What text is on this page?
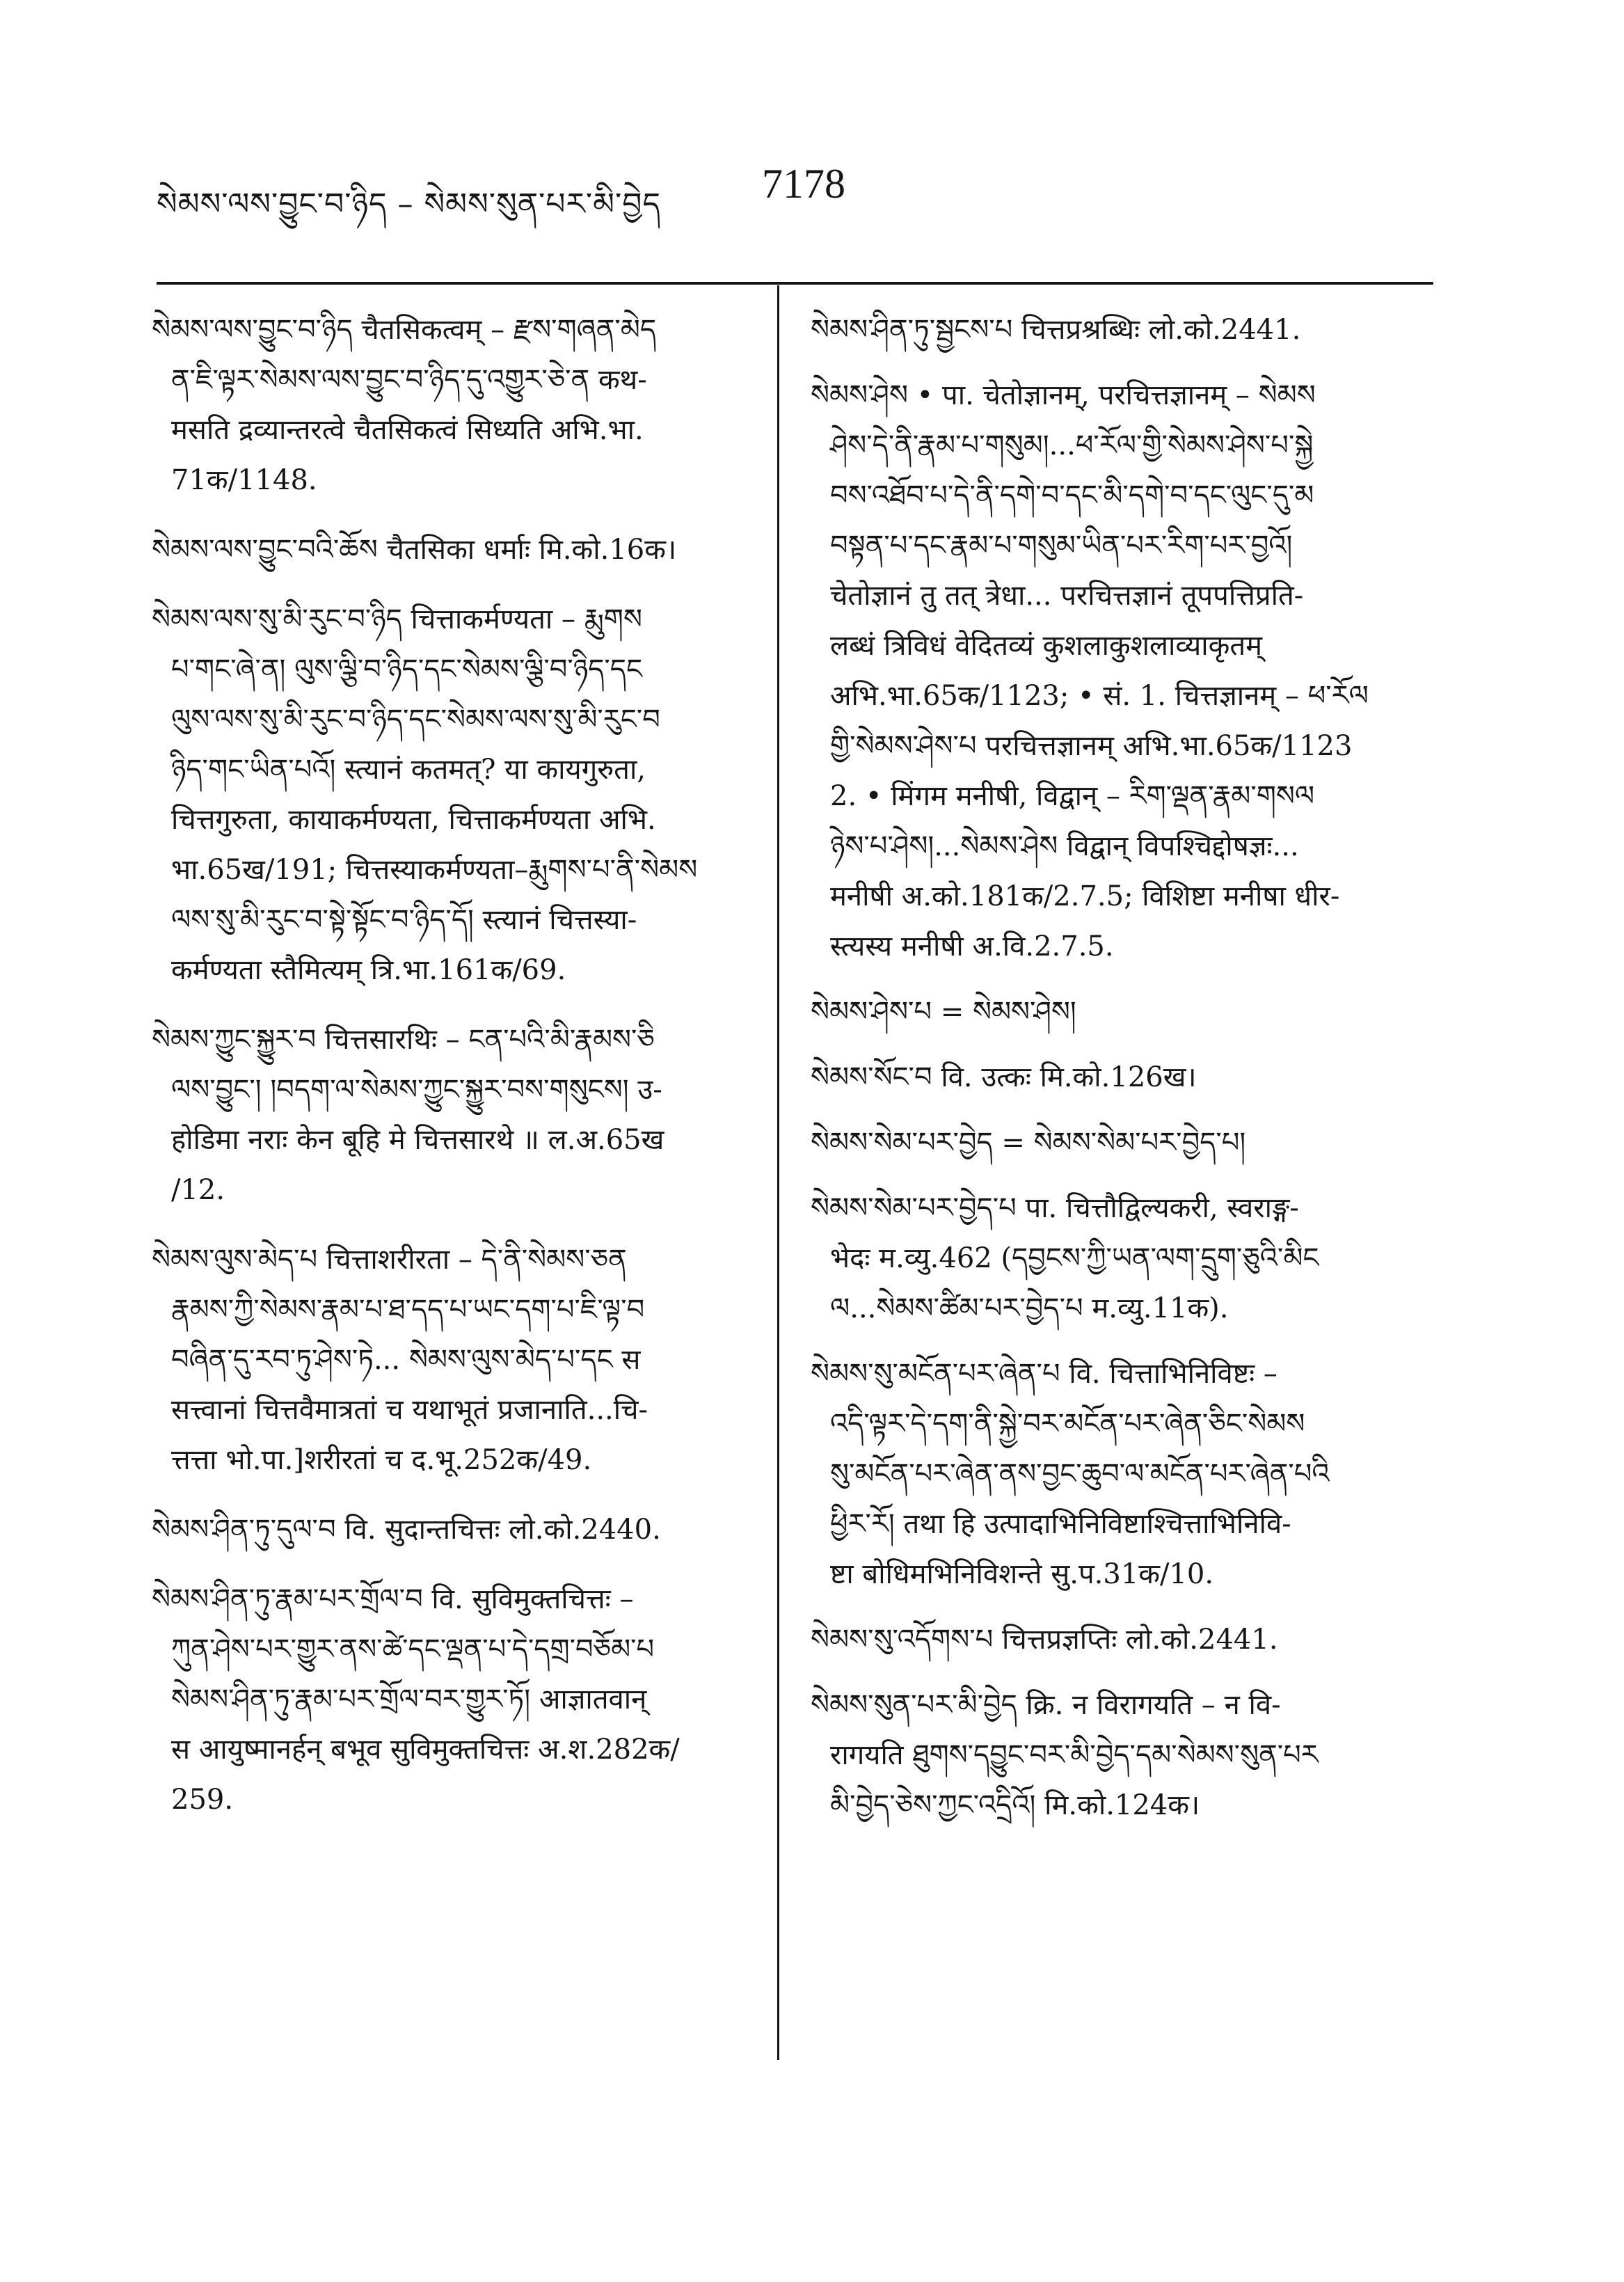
སེམས་ལས་བྱུང་བ་ཉིད – སེམས་སུན་པར་མི་བྱེད 7178
སེམས་ལས་བྱུང་བ་ཉིད चैतसिकत्वम् – རྫས་གཞན་མེད
ན་ཇི་ལྟར་སེམས་ལས་བྱུང་བ་ཉིད་དུ་འགྱུར་ཅེ་ན कथ-
मसति द्रव्यान्तरत्वे चैतसिकत्वं सिध्यति अभि.भा.
71क/1148.
སེམས་ལས་བྱུང་བའི་ཆོས चैतसिका धर्माः मि.को.16क।
སེམས་ལས་སུ་མི་རུང་བ་ཉིད चित्ताकर्मण्यता – རྨུགས
པ་གང་ཞེ་ན། ལུས་ལྕི་བ་ཉིད་དང་སེམས་ལྕི་བ་ཉིད་དང
ལུས་ལས་སུ་མི་རུང་བ་ཉིད་དང་སེམས་ལས་སུ་མི་རུང་བ
ཉིད་གང་ཡིན་པའོ། स्त्यानं कतमत्? या कायगुरुता,
चित्तगुरुता, कायाकर्मण्यता, चित्ताकर्मण्यता अभि.
भा.65ख/191; चित्तस्याकर्मण्यता–རྨུགས་པ་ནི་སེམས
ལས་སུ་མི་རུང་བ་སྟེ་སྟོང་བ་ཉིད་དོ། स्त्यानं चित्तस्या-
कर्मण्यता स्तैमित्यम् त्रि.भा.161क/69.
སེམས་ཀྱུང་སྐྱུར་བ चित्तसारथिः – ངན་པའི་མི་རྣམས་ཅི
ལས་བྱུང་། །བདག་ལ་སེམས་ཀྱུང་སྐྱུར་བས་གསུངས། उ-
होडिमा नराः केन बूहि मे चित्तसारथे ॥ ल.अ.65ख
/12.
སེམས་ལུས་མེད་པ चित्ताशरीरता – དེ་ནི་སེམས་ཅན
རྣམས་ཀྱི་སེམས་རྣམ་པ་ཐ་དད་པ་ཡང་དག་པ་ཇི་ལྟ་བ
བཞིན་དུ་རབ་ཏུ་ཤེས་ཏེ... སེམས་ལུས་མེད་པ་དང स
सत्त्वानां चित्तवैमात्रतां च यथाभूतं प्रजानाति...चि-
त्तत्ता भो.पा.]शरीरतां च द.भू.252क/49.
སེམས་ཤིན་ཏུ་དུལ་བ वि. सुदान्तचित्तः लो.को.2440.
སེམས་ཤིན་ཏུ་རྣམ་པར་གྲོལ་བ वि. सुविमुक्तचित्तः –
ཀུན་ཤེས་པར་གྱུར་ནས་ཚེ་དང་ལྡན་པ་དེ་དགྲ་བཅོམ་པ
སེམས་ཤིན་ཏུ་རྣམ་པར་གྲོལ་བར་གྱུར་ཏོ། आज्ञातवान्
स आयुष्मानर्हन् बभूव सुविमुक्तचित्तः अ.श.282क/
259.
སེམས་ཤིན་ཏུ་སྦྱངས་པ चित्तप्रश्रब्धिः लो.को.2441.
སེམས་ཤེས • पा. चेतोज्ञानम्, परचित्तज्ञानम् – སེམས
ཤེས་དེ་ནི་རྣམ་པ་གསུམ།...ཕ་རོལ་གྱི་སེམས་ཤེས་པ་སྐྱེ
བས་འཐོབ་པ་དེ་ནི་དགེ་བ་དང་མི་དགེ་བ་དང་ལུང་དུ་མ
བསྟན་པ་དང་རྣམ་པ་གསུམ་ཡིན་པར་རིག་པར་བྱའོ།
चेतोज्ञानं तु तत् त्रेधा... परचित्तज्ञानं तूपपत्तिप्रति-
लब्धं त्रिविधं वेदितव्यं कुशलाकुशलाव्याकृतम्
अभि.भा.65क/1123; • सं. 1. चित्तज्ञानम् – ཕ་རོལ
གྱི་སེམས་ཤེས་པ परचित्तज्ञानम् अभि.भा.65क/1123
2. • मिंगम मनीषी, विद्वान् – རིག་ལྡན་རྣམ་གསལ
ཉེས་པ་ཤེས།...སེམས་ཤེས विद्वान् विपश्चिद्दोषज्ञः...
मनीषी अ.को.181क/2.7.5; विशिष्टा मनीषा धीर-
स्त्यस्य मनीषी अ.वि.2.7.5.
སེམས་ཤེས་པ = སེམས་ཤེས།
སེམས་སོང་བ वि. उत्कः मि.को.126ख।
སེམས་སེམ་པར་བྱེད = སེམས་སེམ་པར་བྱེད་པ།
སེམས་སེམ་པར་བྱེད་པ पा. चित्तौद्विल्यकरी, स्वराङ्ग-
भेदः म.व्यु.462 (དབྱངས་ཀྱི་ཡན་ལག་དྲུག་ཅུའི་མིང
ལ...སེམས་ཚིམ་པར་བྱེད་པ म.व्यु.11क).
སེམས་སུ་མངོན་པར་ཞེན་པ वि. चित्ताभिनिविष्टः –
འདི་ལྟར་དེ་དག་ནི་སྐྱེ་བར་མངོན་པར་ཞེན་ཅིང་སེམས
སུ་མངོན་པར་ཞེན་ནས་བྱང་ཆུབ་ལ་མངོན་པར་ཞེན་པའི
ཕྱིར་རོ། तथा हि उत्पादाभिनिविष्टाश्चित्ताभिनिवि-
ष्टा बोधिमभिनिविशन्ते सु.प.31क/10.
སེམས་སུ་འདོགས་པ चित्तप्रज्ञप्तिः लो.को.2441.
སེམས་སུན་པར་མི་བྱེད क्रि. न विरागयति – न वि-
रागयति ཐུགས་དབྱུང་བར་མི་བྱེད་དམ་སེམས་སུན་པར
མི་བྱེད་ཅེས་ཀྱང་འདྲིའོ། मि.को.124क।
